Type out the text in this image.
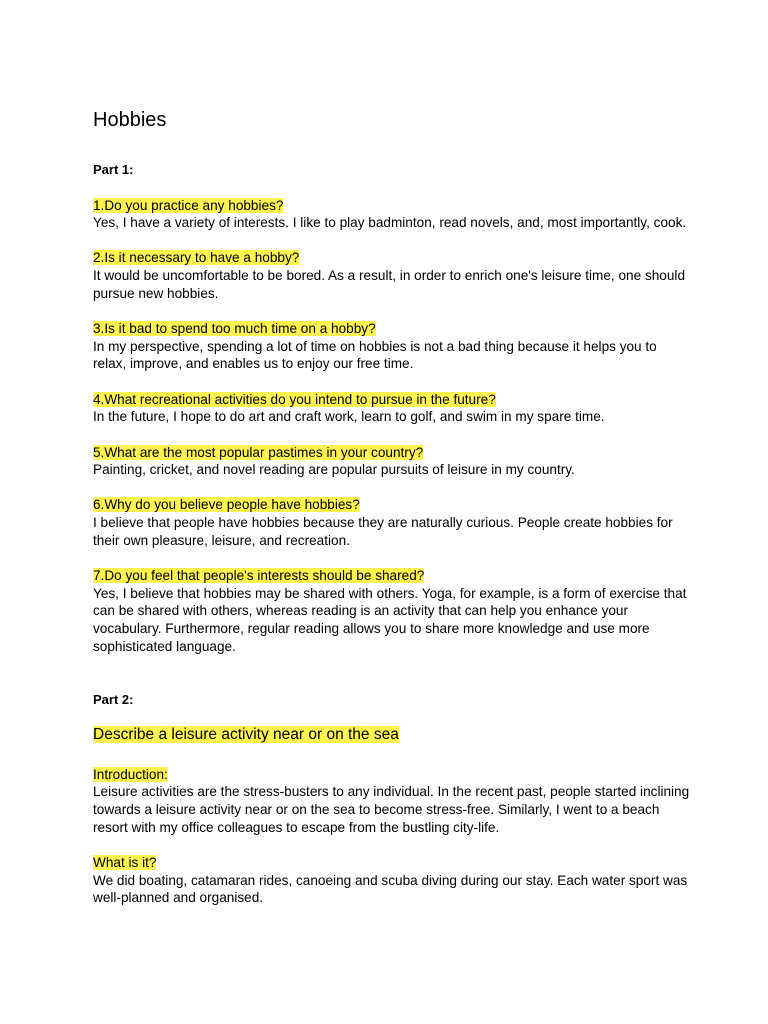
Hobbies

Part 1:

1.Do you practice any hobbies?
Yes, I have a variety of interests. I like to play badminton, read novels, and, most importantly, cook.
2.Is it necessary to have a hobby?
It would be uncomfortable to be bored. As a result, in order to enrich one's leisure time, one should pursue new hobbies.
3.Is it bad to spend too much time on a hobby?
In my perspective, spending a lot of time on hobbies is not a bad thing because it helps you to relax, improve, and enables us to enjoy our free time.
4.What recreational activities do you intend to pursue in the future?
In the future, I hope to do art and craft work, learn to golf, and swim in my spare time.
5.What are the most popular pastimes in your country?
Painting, cricket, and novel reading are popular pursuits of leisure in my country.
6.Why do you believe people have hobbies?
I believe that people have hobbies because they are naturally curious. People create hobbies for their own pleasure, leisure, and recreation.
7.Do you feel that people's interests should be shared?
Yes, I believe that hobbies may be shared with others. Yoga, for example, is a form of exercise that can be shared with others, whereas reading is an activity that can help you enhance your vocabulary. Furthermore, regular reading allows you to share more knowledge and use more sophisticated language.

Part 2:

Describe a leisure activity near or on the sea

Introduction:
Leisure activities are the stress-busters to any individual. In the recent past, people started inclining towards a leisure activity near or on the sea to become stress-free. Similarly, I went to a beach resort with my office colleagues to escape from the bustling city-life.
What is it?
We did boating, catamaran rides, canoeing and scuba diving during our stay. Each water sport was well-planned and organised.
